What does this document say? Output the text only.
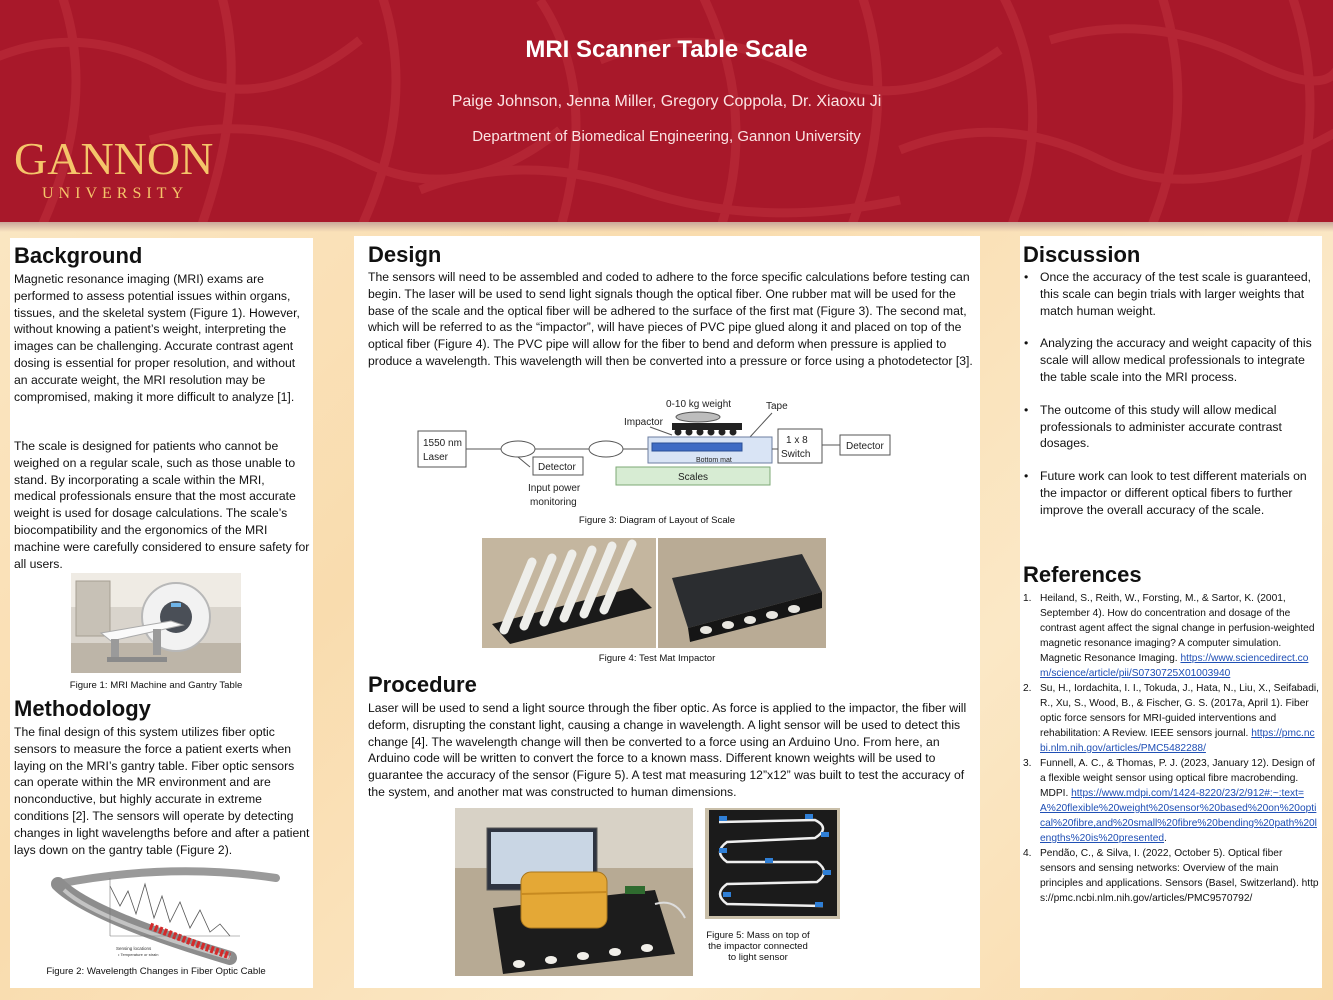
MRI Scanner Table Scale
Paige Johnson, Jenna Miller, Gregory Coppola, Dr. Xiaoxu Ji
Department of Biomedical Engineering, Gannon University
GANNON
UNIVERSITY
Background

Magnetic resonance imaging (MRI) exams are performed to assess potential issues within organs, tissues, and the skeletal system (Figure 1). However, without knowing a patient’s weight, interpreting the images can be challenging. Accurate contrast agent dosing is essential for proper resolution, and without an accurate weight, the MRI resolution may be compromised, making it more difficult to analyze [1].

The scale is designed for patients who cannot be weighed on a regular scale, such as those unable to stand. By incorporating a scale within the MRI, medical professionals ensure that the most accurate weight is used for dosage calculations. The scale’s biocompatibility and the ergonomics of the MRI machine were carefully considered to ensure safety for all users.

Figure 1: MRI Machine and Gantry Table
Methodology

The final design of this system utilizes fiber optic sensors to measure the force a patient exerts when laying on the MRI’s gantry table. Fiber optic sensors can operate within the MR environment and are nonconductive, but highly accurate in extreme conditions [2]. The sensors will operate by detecting changes in light wavelengths before and after a patient lays down on the gantry table (Figure 2).

Sensing locations
• Temperature or strain
Figure 2: Wavelength Changes in Fiber Optic Cable
Design

The sensors will need to be assembled and coded to adhere to the force specific calculations before testing can begin. The laser will be used to send light signals though the optical fiber. One rubber mat will be used for the base of the scale and the optical fiber will be adhered to the surface of the first mat (Figure 3). The second mat, which will be referred to as the “impactor”, will have pieces of PVC pipe glued along it and placed on top of the optical fiber (Figure 4). The PVC pipe will allow for the fiber to bend and deform when pressure is applied to produce a wavelength. This wavelength will then be converted into a pressure or force using a photodetector [3].

1550 nm
Laser
Detector
Input power
monitoring
Impactor
0-10 kg weight	Tape
Bottom mat
1 x 8
Switch
Detector
Scales
Figure 3: Diagram of Layout of Scale
Figure 4: Test Mat Impactor
Procedure

Laser will be used to send a light source through the fiber optic. As force is applied to the impactor, the fiber will deform, disrupting the constant light, causing a change in wavelength. A light sensor will be used to detect this change [4]. The wavelength change will then be converted to a force using an Arduino Uno. From here, an Arduino code will be written to convert the force to a known mass. Different known weights will be used to guarantee the accuracy of the sensor (Figure 5). A test mat measuring 12”x12” was built to test the accuracy of the system, and another mat was constructed to human dimensions.

Figure 5: Mass on top of
the impactor connected
to light sensor
Discussion
• Once the accuracy of the test scale is guaranteed, this scale can begin trials with larger weights that match human weight.
• Analyzing the accuracy and weight capacity of this scale will allow medical professionals to integrate the table scale into the MRI process.
• The outcome of this study will allow medical professionals to administer accurate contrast dosages.
• Future work can look to test different materials on the impactor or different optical fibers to further improve the overall accuracy of the scale.
References
1. Heiland, S., Reith, W., Forsting, M., & Sartor, K. (2001, September 4). How do concentration and dosage of the contrast agent affect the signal change in perfusion-weighted magnetic resonance imaging? A computer simulation. Magnetic Resonance Imaging. https://www.sciencedirect.com/science/article/pii/S0730725X01003940
2. Su, H., Iordachita, I. I., Tokuda, J., Hata, N., Liu, X., Seifabadi, R., Xu, S., Wood, B., & Fischer, G. S. (2017a, April 1). Fiber optic force sensors for MRI-guided interventions and rehabilitation: A Review. IEEE sensors journal. https://pmc.ncbi.nlm.nih.gov/articles/PMC5482288/
3. Funnell, A. C., & Thomas, P. J. (2023, January 12). Design of a flexible weight sensor using optical fibre macrobending. MDPI. https://www.mdpi.com/1424-8220/23/2/912#:~:text=A%20flexible%20weight%20sensor%20based%20on%20optical%20fibre,and%20small%20fibre%20bending%20path%20lengths%20is%20presented.
4. Pendão, C., & Silva, I. (2022, October 5). Optical fiber sensors and sensing networks: Overview of the main principles and applications. Sensors (Basel, Switzerland). https://pmc.ncbi.nlm.nih.gov/articles/PMC9570792/
